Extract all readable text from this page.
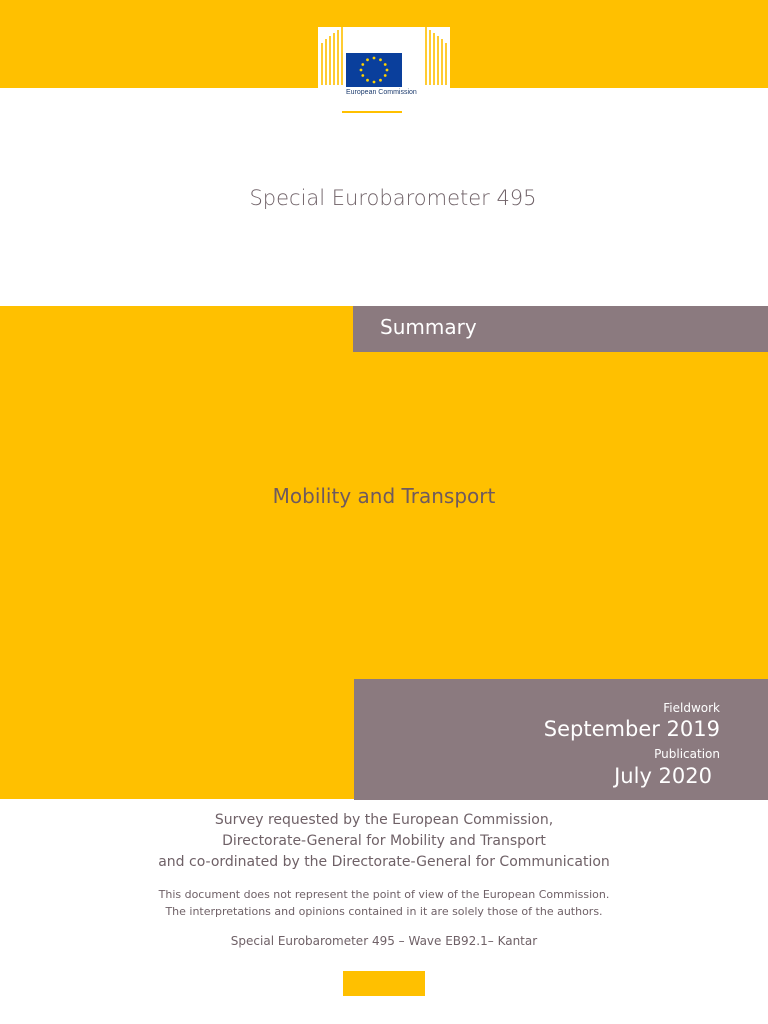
European Commission
Special Eurobarometer 495
Summary
Mobility and Transport
Fieldwork
September 2019
Publication
July 2020
Survey requested by the European Commission,
Directorate-General for Mobility and Transport
and co-ordinated by the Directorate-General for Communication
This document does not represent the point of view of the European Commission.
The interpretations and opinions contained in it are solely those of the authors.
Special Eurobarometer 495 – Wave EB92.1– Kantar
